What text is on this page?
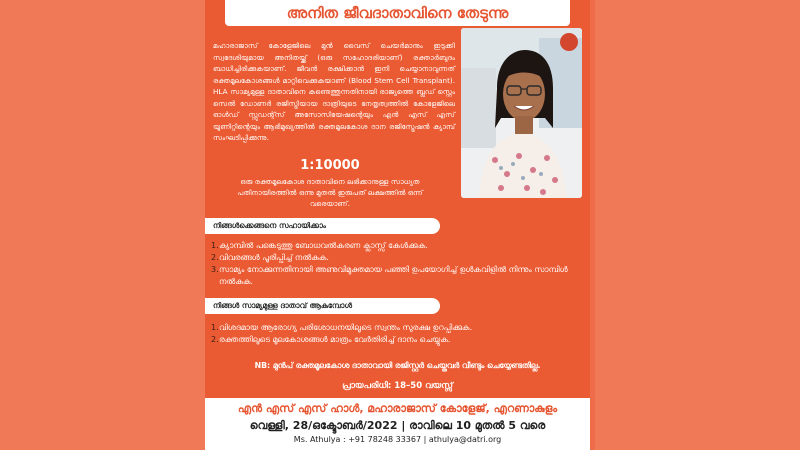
അനിത ജീവദാതാവിനെ തേടുന്നു
മഹാരാജാസ് കോളേജിലെ മുൻ വൈസ് ചെയർമാനും ഇടുക്കി സ്വദേശിയുമായ അനിതയ്ക്ക് (ഒരു സഹോദരിയാണ്) രക്താർബുദം ബാധിച്ചിരിക്കുകയാണ്. ജീവൻ രക്ഷിക്കാൻ ഇനി ചെയ്യാനാവുന്നത് രക്തമൂലകോശങ്ങൾ മാറ്റിവെക്കുകയാണ് (Blood Stem Cell Transplant). HLA സാമ്യമുള്ള ദാതാവിനെ കണ്ടെത്തുന്നതിനായി രാജ്യത്തെ ബ്ലഡ് സ്റ്റെം സെൽ ഡോണർ രജിസ്ട്രിയായ ദാത്രിയുടെ നേതൃത്വത്തിൽ കോളേജിലെ ഓൾഡ് സ്റ്റുഡന്റ്സ് അസോസിയേഷന്റെയും എൻ എസ് എസ് യൂണിറ്റിന്റെയും ആഭിമുഖ്യത്തിൽ രക്തമൂലകോശ ദാന രജിസ്ട്രേഷൻ ക്യാമ്പ് സംഘടിപ്പിക്കുന്നു.
1:10000
ഒരു രക്തമൂലകോശ ദാതാവിനെ ലഭിക്കാനുള്ള സാധ്യത പതിനായിരത്തിൽ ഒന്നു മുതൽ ഇരുപത് ലക്ഷത്തിൽ ഒന്ന് വരെയാണ്.
നിങ്ങൾക്കെങ്ങനെ സഹായിക്കാം
1. ക്യാമ്പിൽ പങ്കെടുത്തു ബോധവൽകരണ ക്ലാസ്സ്‌ കേൾക്കുക.
2. വിവരങ്ങൾ പൂരിപ്പിച്ച് നൽകുക.
3. സാമ്യം നോക്കുന്നതിനായി അണുവിമുക്തമായ പഞ്ഞി ഉപയോഗിച്ച് ഉൾകവിളിൽ നിന്നും സാമ്പിൾ നൽകുക.
നിങ്ങൾ സാമ്യമുള്ള ദാതാവ് ആകുമ്പോൾ
1. വിശദമായ ആരോഗ്യ പരിശോധനയിലൂടെ സ്വന്തം സുരക്ഷ ഉറപ്പിക്കുക.
2. രക്തത്തിലൂടെ മൂലകോശങ്ങൾ മാത്രം വേർതിരിച്ച് ദാനം ചെയ്യുക.
NB: മുൻപ് രക്തമൂലകോശ ദാതാവായി രജിസ്റ്റർ ചെയ്തവർ വീണ്ടും ചെയ്യേണ്ടതില്ല.
പ്രായപരിധി: 18–50 വയസ്സ്
എൻ എസ് എസ് ഹാൾ, മഹാരാജാസ് കോളേജ്, എറണാകുളം
വെള്ളി, 28/ഒക്ടോബർ/2022 | രാവിലെ 10 മുതൽ 5 വരെ
Ms. Athulya : +91 78248 33367 | athulya@datri.org
